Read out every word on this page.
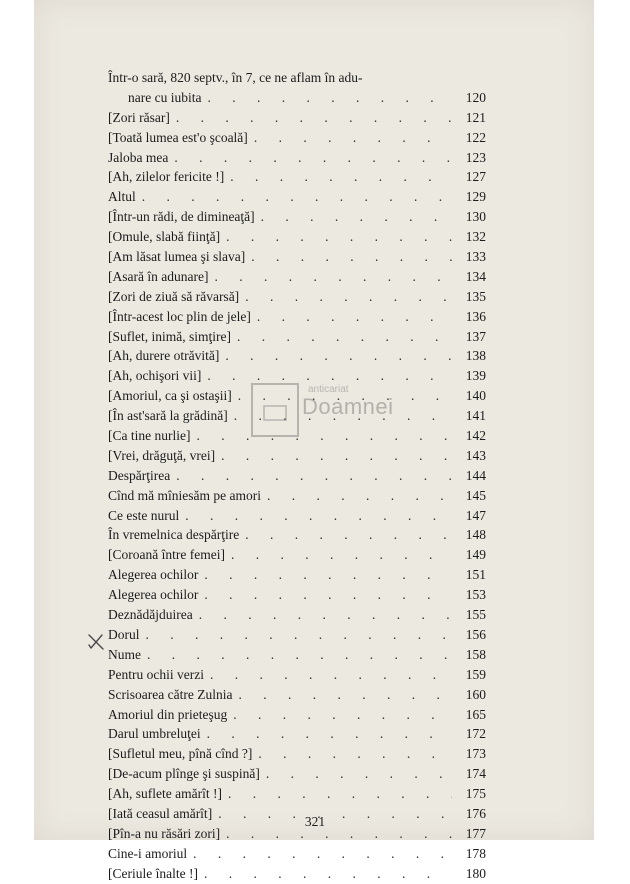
Într-o sară, 820 septv., în 7, ce ne aflam în adu-
nare cu iubita . . .	120
[Zori răsar] . . .	121
[Toată lumea est'o şcoală] . . .	122
Jaloba mea . . .	123
[Ah, zilelor fericite !] . . .	127
Altul . . .	129
[Într-un rădi, de dimineaţă] . . .	130
[Omule, slabă fiinţă] . . .	132
[Am lăsat lumea şi slava] . . .	133
[Asară în adunare] . . .	134
[Zori de ziuă să răvarsă] . . .	135
[Într-acest loc plin de jele] . . .	136
[Suflet, inimă, simţire] . . .	137
[Ah, durere otrăvită] . . .	138
[Ah, ochişori vii] . . .	139
[Amoriul, ca şi ostaşii] . . .	140
[În ast'sară la grădină] . . .	141
[Ca tine nurlie] . . .	142
[Vrei, drăguţă, vrei] . . .	143
Despărţirea . . .	144
Cînd mă mîniesăm pe amori . . .	145
Ce este nurul . . .	147
În vremelnica despărţire . . .	148
[Coroană între femei] . . .	149
Alegerea ochilor . . .	151
Alegerea ochilor . . .	153
Deznădăjduirea . . .	155
Dorul . . .	156
Nume . . .	158
Pentru ochii verzi . . .	159
Scrisoarea către Zulnia . . .	160
Amoriul din prieteşug . . .	165
Darul umbreluţei . . .	172
[Sufletul meu, pînă cînd ?] . . .	173
[De-acum plînge şi suspină] . . .	174
[Ah, suflete amărît !] . . .	175
[Iată ceasul amărît] . . .	176
[Pîn-a nu răsări zori] . . .	177
Cine-i amoriul . . .	178
[Ceriule înalte !] . . .	180
anticariat
Doamnei
321
